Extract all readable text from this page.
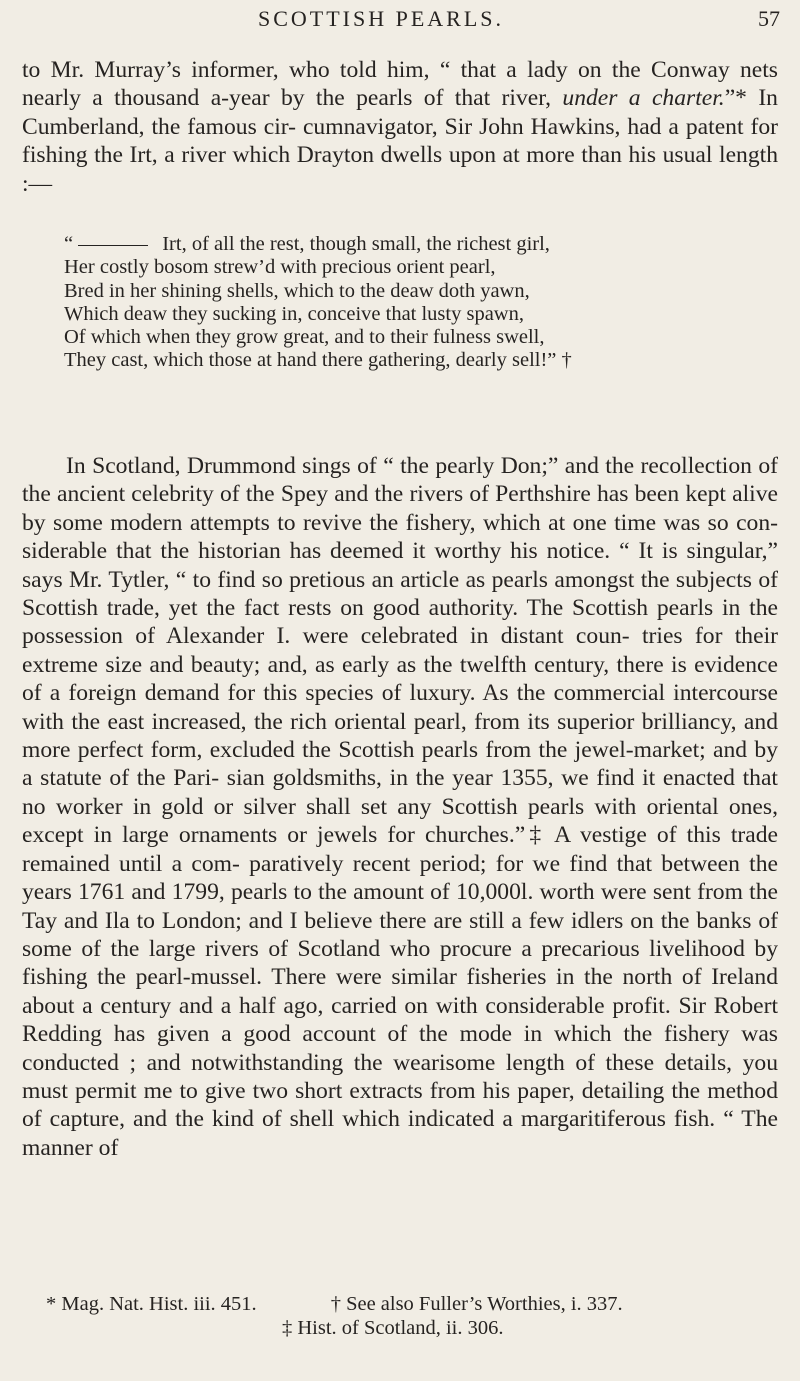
SCOTTISH PEARLS.	57

to Mr. Murray’s informer, who told him, “ that a lady on the Conway nets nearly a thousand a-year by the pearls of that river, under a charter.”* In Cumberland, the famous cir- cumnavigator, Sir John Hawkins, had a patent for fishing the Irt, a river which Drayton dwells upon at more than his usual length :—

“	Irt, of all the rest, though small, the richest girl,
Her costly bosom strew’d with precious orient pearl,
Bred in her shining shells, which to the deaw doth yawn,
Which deaw they sucking in, conceive that lusty spawn,
Of which when they grow great, and to their fulness swell,
They cast, which those at hand there gathering, dearly sell!” †

In Scotland, Drummond sings of “ the pearly Don;” and the recollection of the ancient celebrity of the Spey and the rivers of Perthshire has been kept alive by some modern attempts to revive the fishery, which at one time was so con- siderable that the historian has deemed it worthy his notice. “ It is singular,” says Mr. Tytler, “ to find so pretious an article as pearls amongst the subjects of Scottish trade, yet the fact rests on good authority. The Scottish pearls in the possession of Alexander I. were celebrated in distant coun- tries for their extreme size and beauty; and, as early as the twelfth century, there is evidence of a foreign demand for this species of luxury. As the commercial intercourse with the east increased, the rich oriental pearl, from its superior brilliancy, and more perfect form, excluded the Scottish pearls from the jewel-market; and by a statute of the Pari- sian goldsmiths, in the year 1355, we find it enacted that no worker in gold or silver shall set any Scottish pearls with oriental ones, except in large ornaments or jewels for churches.”‡ A vestige of this trade remained until a com- paratively recent period; for we find that between the years 1761 and 1799, pearls to the amount of 10,000l. worth were sent from the Tay and Ila to London; and I believe there are still a few idlers on the banks of some of the large rivers of Scotland who procure a precarious livelihood by fishing the pearl-mussel. There were similar fisheries in the north of Ireland about a century and a half ago, carried on with considerable profit. Sir Robert Redding has given a good account of the mode in which the fishery was conducted ; and notwithstanding the wearisome length of these details, you must permit me to give two short extracts from his paper, detailing the method of capture, and the kind of shell which indicated a margaritiferous fish. “ The manner of

* Mag. Nat. Hist. iii. 451.	† See also Fuller’s Worthies, i. 337.
‡ Hist. of Scotland, ii. 306.
